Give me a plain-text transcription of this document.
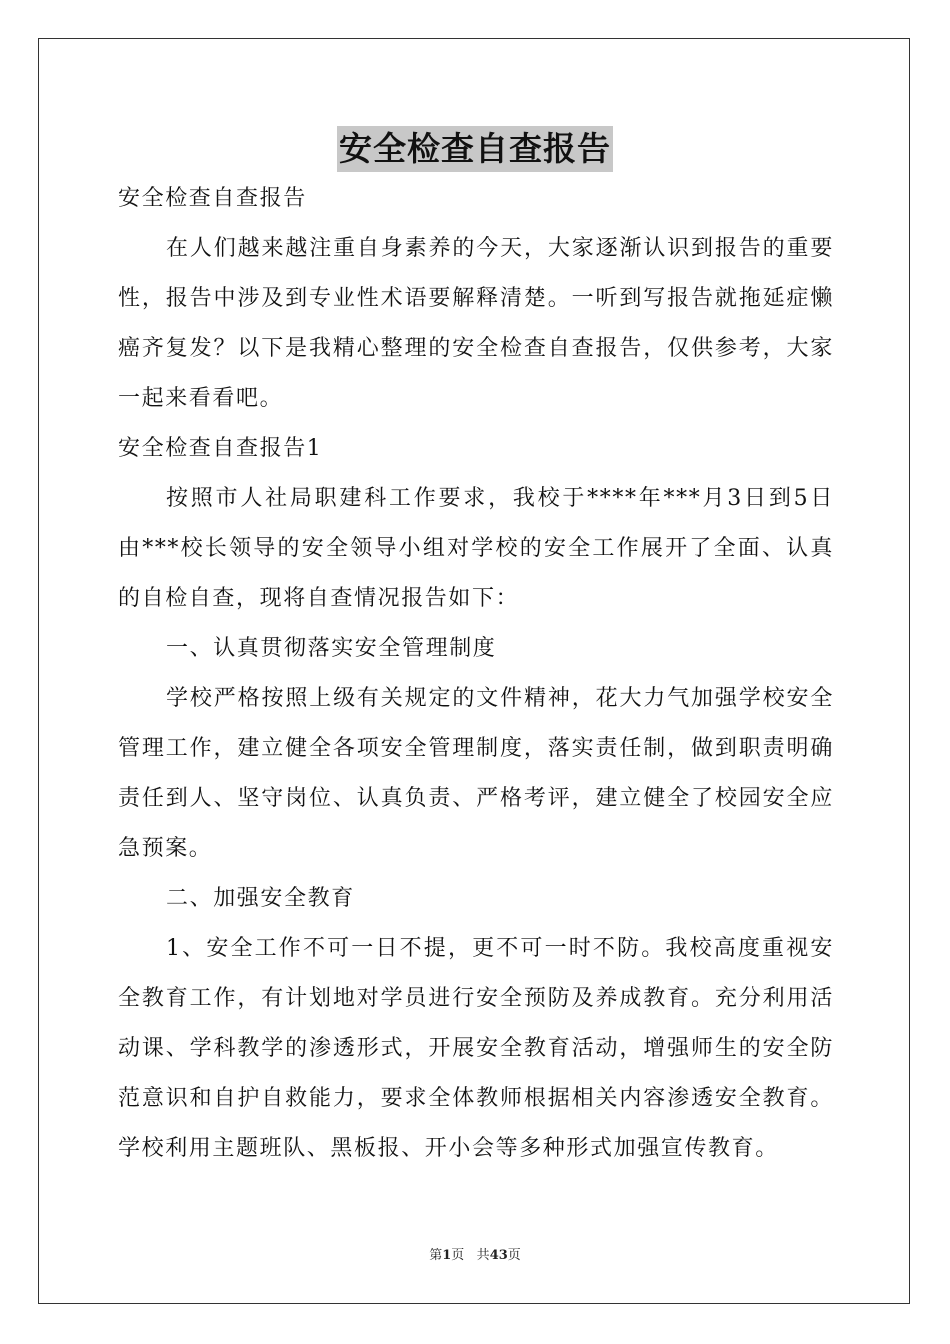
安全检查自查报告
安全检查自查报告
在人们越来越注重自身素养的今天，大家逐渐认识到报告的重要
性，报告中涉及到专业性术语要解释清楚。一听到写报告就拖延症懒
癌齐复发？以下是我精心整理的安全检查自查报告，仅供参考，大家
一起来看看吧。
安全检查自查报告1
按照市人社局职建科工作要求，我校于****年***月3日到5日
由***校长领导的安全领导小组对学校的安全工作展开了全面、认真
的自检自查，现将自查情况报告如下：
一、认真贯彻落实安全管理制度
学校严格按照上级有关规定的文件精神，花大力气加强学校安全
管理工作，建立健全各项安全管理制度，落实责任制，做到职责明确
责任到人、坚守岗位、认真负责、严格考评，建立健全了校园安全应
急预案。
二、加强安全教育
1、安全工作不可一日不提，更不可一时不防。我校高度重视安
全教育工作，有计划地对学员进行安全预防及养成教育。充分利用活
动课、学科教学的渗透形式，开展安全教育活动，增强师生的安全防
范意识和自护自救能力，要求全体教师根据相关内容渗透安全教育。
学校利用主题班队、黑板报、开小会等多种形式加强宣传教育。
第1页 共43页
